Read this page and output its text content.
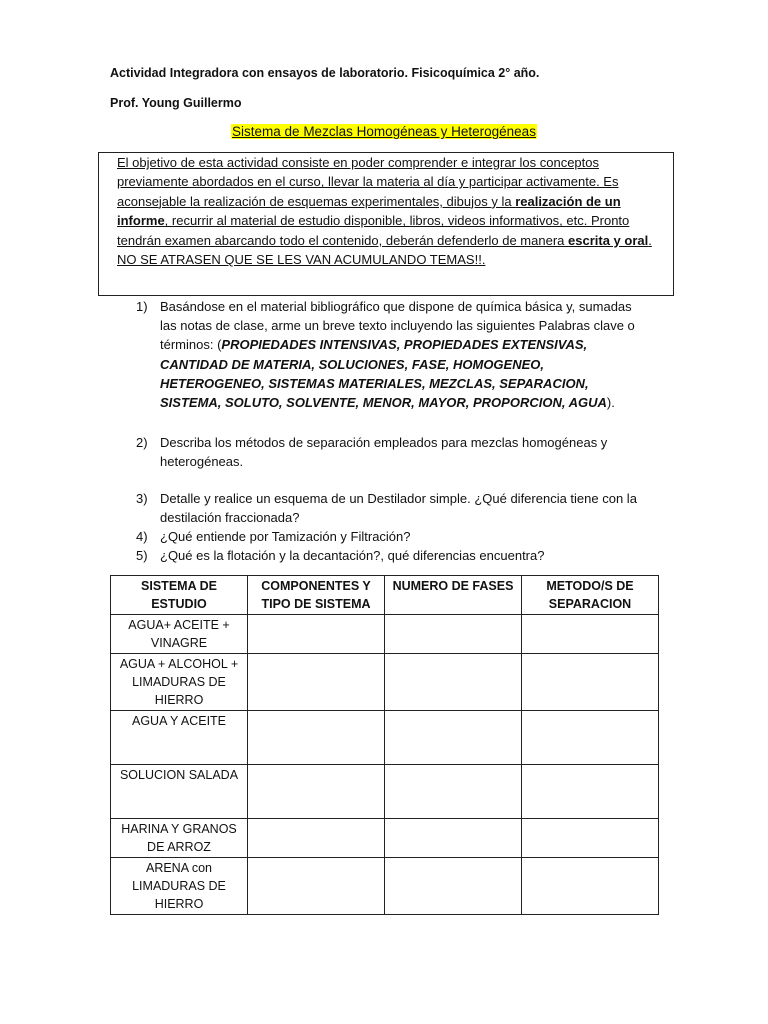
Actividad Integradora con ensayos de laboratorio. Fisicoquímica 2° año.
Prof. Young Guillermo
Sistema de Mezclas Homogéneas y Heterogéneas

El objetivo de esta actividad consiste en poder comprender e integrar los conceptos previamente abordados en el curso, llevar la materia al día y participar activamente. Es aconsejable la realización de esquemas experimentales, dibujos y la realización de un informe, recurrir al material de estudio disponible, libros, videos informativos, etc. Pronto tendrán examen abarcando todo el contenido, deberán defenderlo de manera escrita y oral. NO SE ATRASEN QUE SE LES VAN ACUMULANDO TEMAS!!.

1) Basándose en el material bibliográfico que dispone de química básica y, sumadas las notas de clase, arme un breve texto incluyendo las siguientes Palabras clave o términos: (PROPIEDADES INTENSIVAS, PROPIEDADES EXTENSIVAS, CANTIDAD DE MATERIA, SOLUCIONES, FASE, HOMOGENEO, HETEROGENEO, SISTEMAS MATERIALES, MEZCLAS, SEPARACION, SISTEMA, SOLUTO, SOLVENTE, MENOR, MAYOR, PROPORCION, AGUA).
2) Describa los métodos de separación empleados para mezclas homogéneas y heterogéneas.
3) Detalle y realice un esquema de un Destilador simple. ¿Qué diferencia tiene con la destilación fraccionada?
4) ¿Qué entiende por Tamización y Filtración?
5) ¿Qué es la flotación y la decantación?, qué diferencias encuentra?
SISTEMA DE ESTUDIO	COMPONENTES Y TIPO DE SISTEMA	NUMERO DE FASES	METODO/S DE SEPARACION
AGUA+ ACEITE + VINAGRE			
AGUA + ALCOHOL + LIMADURAS DE HIERRO			
AGUA Y ACEITE			
SOLUCION SALADA			
HARINA Y GRANOS DE ARROZ			
ARENA con LIMADURAS DE HIERRO			
